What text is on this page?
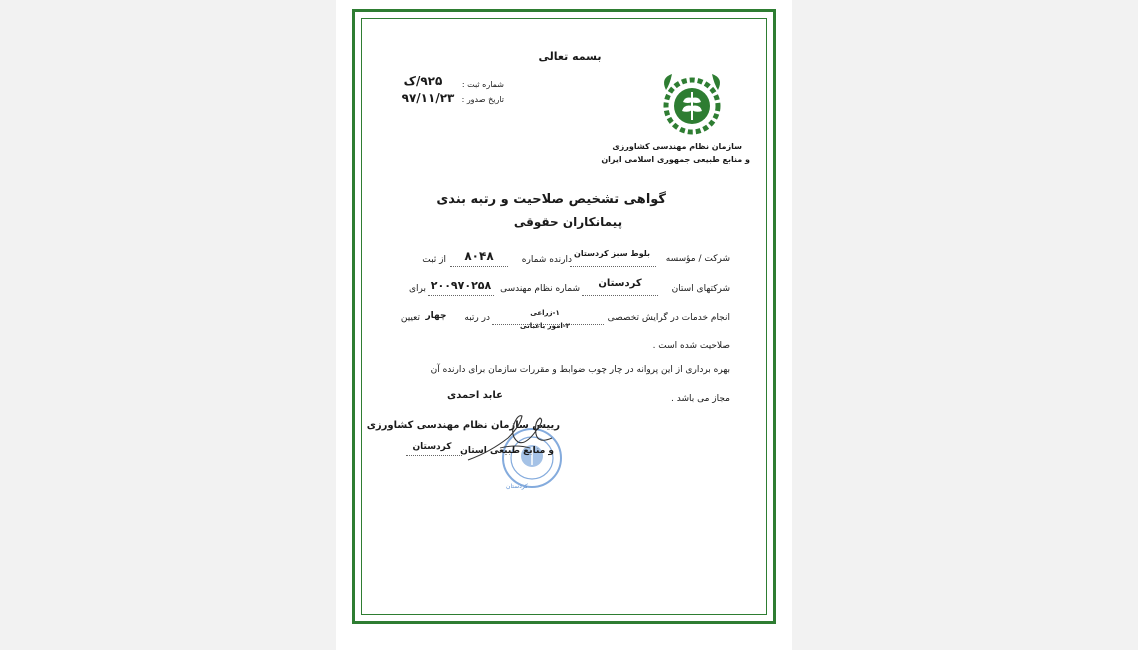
بسمه تعالی
شماره ثبت :
۹۲۵/ک
تاریخ صدور :
۹۷/۱۱/۲۳
سازمان نظام مهندسی کشاورزی
و منابع طبیعی جمهوری اسلامی ایران
گواهی تشخیص صلاحیت و رتبه بندی
پیمانکاران حقوقی
شرکت / مؤسسه
بلوط سبز کردستان
دارنده شماره
۸۰۴۸
از ثبت
شرکتهای استان
کردستان
شماره نظام مهندسی
۲۰۰۹۷۰۲۵۸
برای
انجام خدمات در گرایش تخصصی
۱-زراعی
۲-امور باغبانی
در رتبه
چهار
تعیین
صلاحیت شده است .
بهره برداری از این پروانه در چار چوب ضوابط و مقررات سازمان برای دارنده آن
مجاز می باشد .
کردستان
عابد احمدی
رییس سازمان نظام مهندسی کشاورزی
و منابع طبیعی استان
کردستان
